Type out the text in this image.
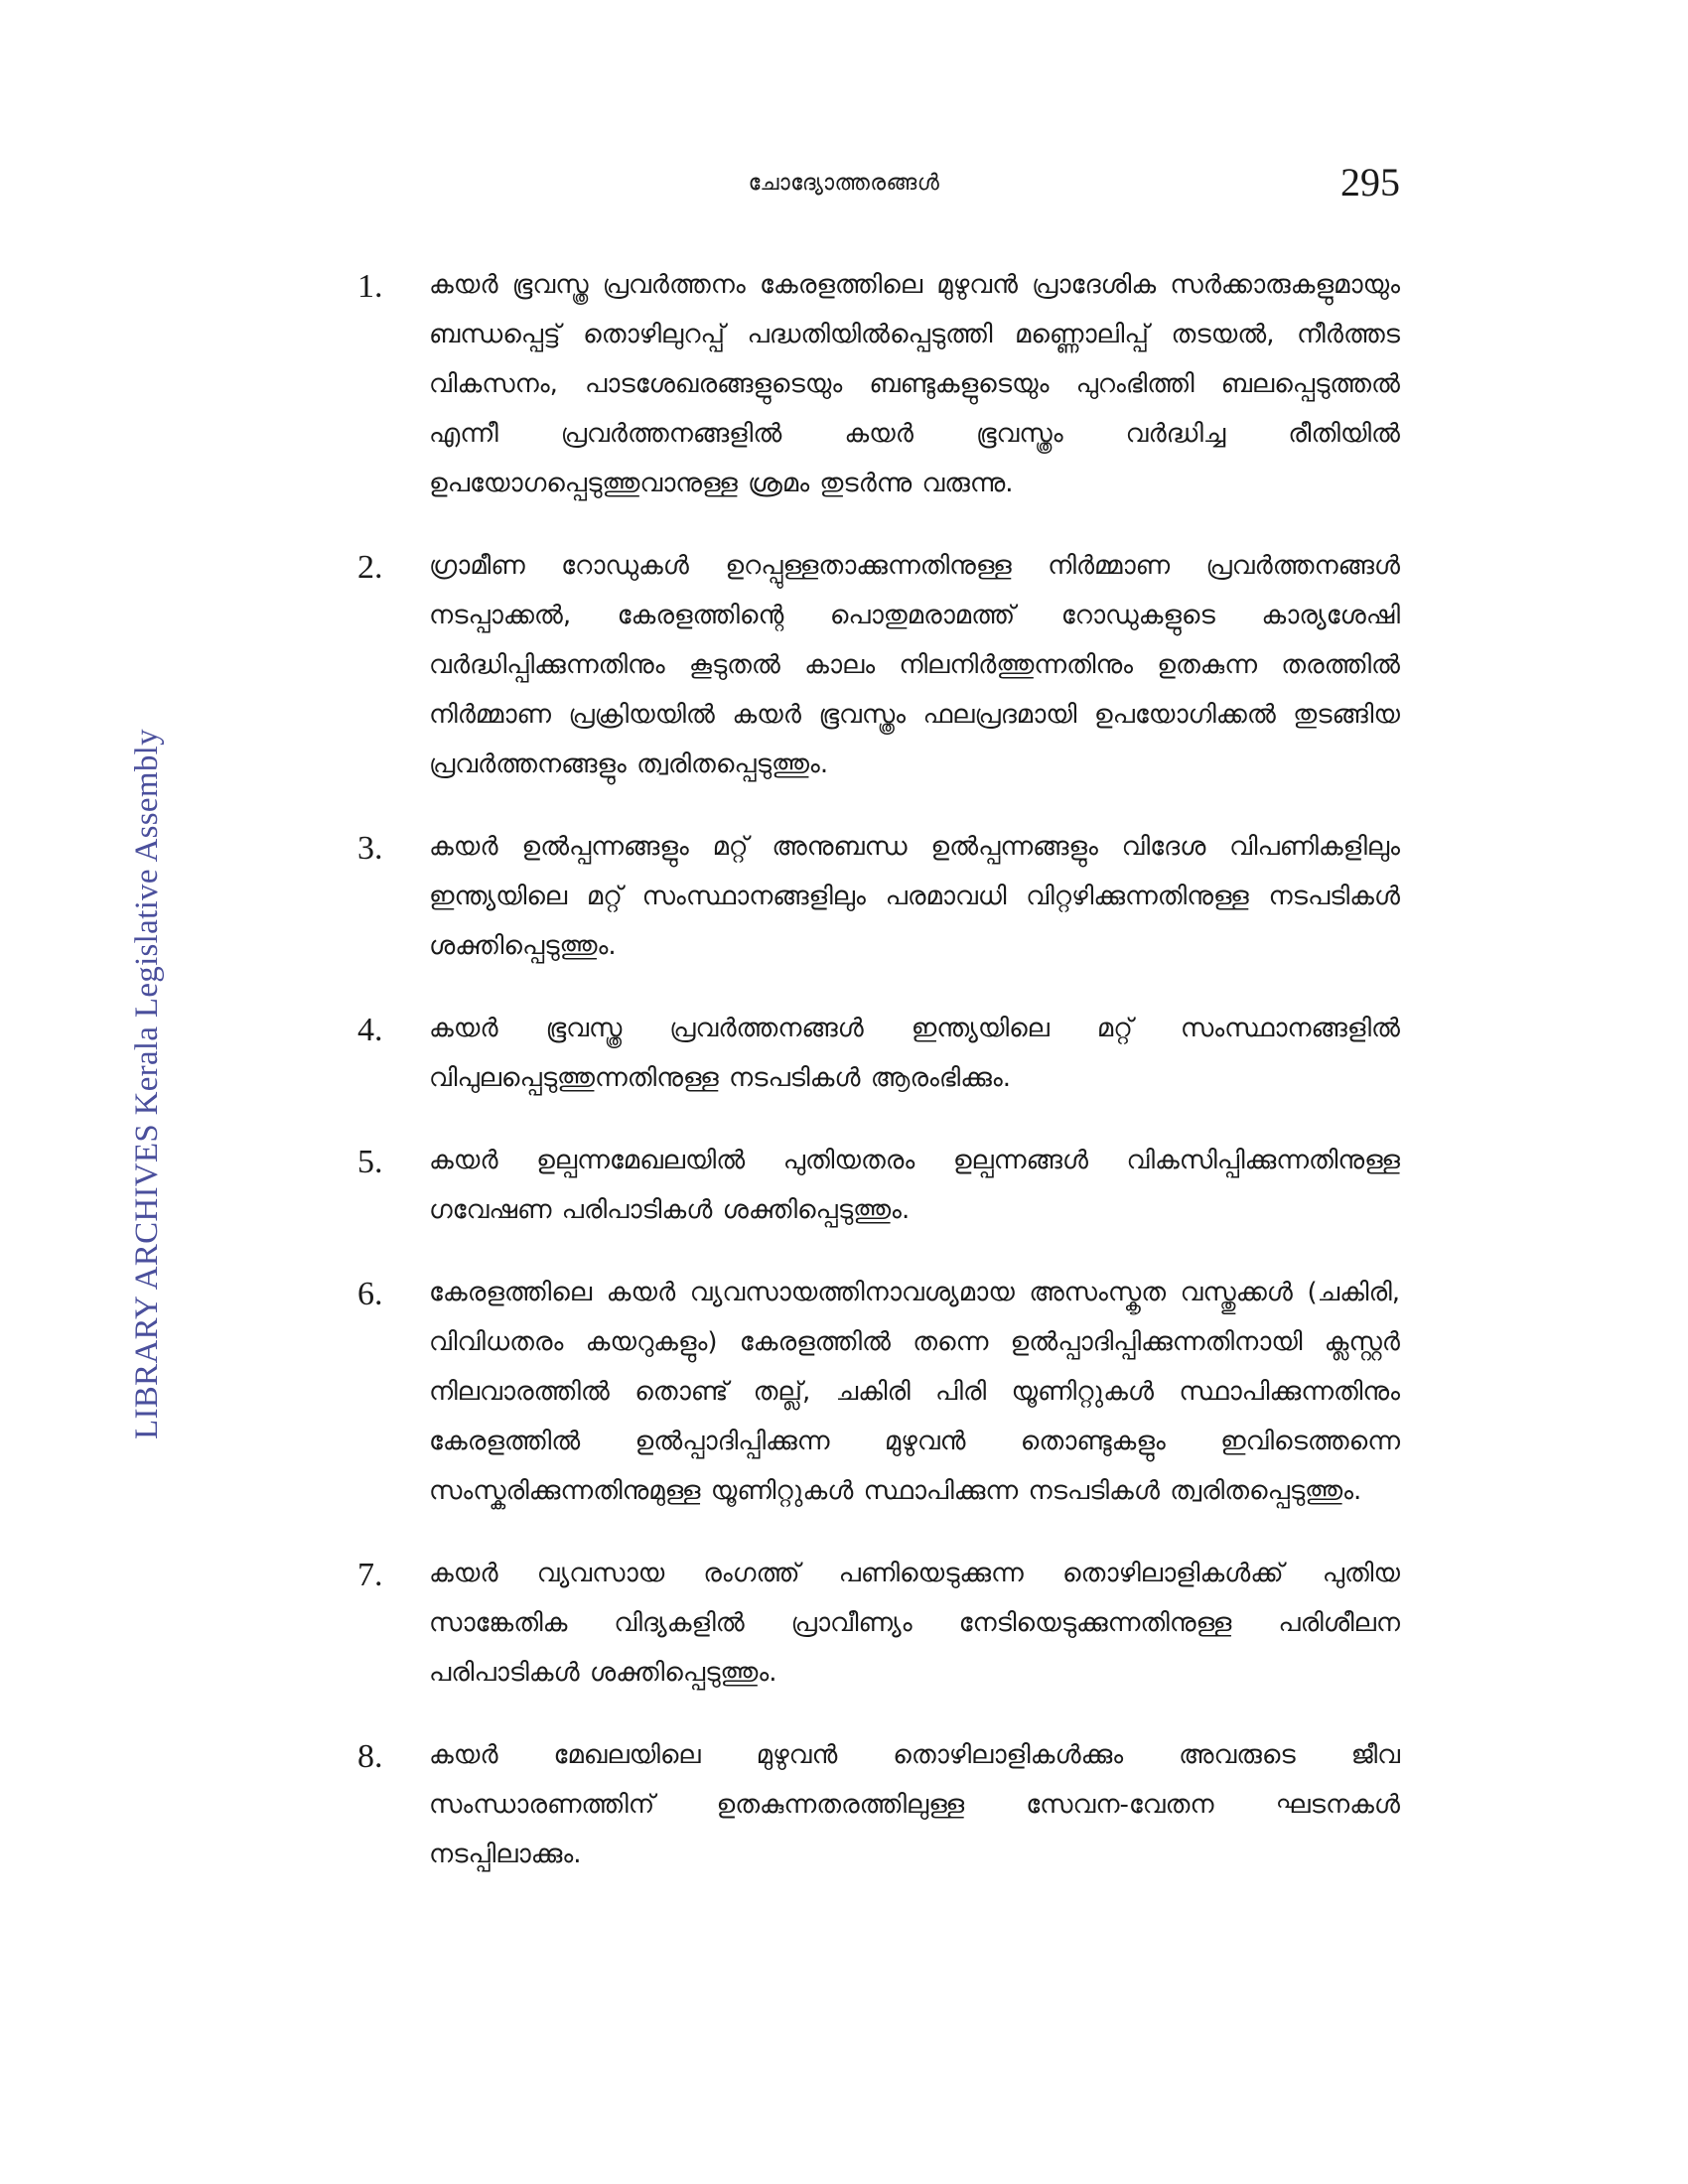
ചോദ്യോത്തരങ്ങൾ	295
LIBRARY ARCHIVES Kerala Legislative Assembly
1. കയർ ഭൂവസ്ത്ര പ്രവർത്തനം കേരളത്തിലെ മുഴുവൻ പ്രാദേശിക സർക്കാരുകളുമായും ബന്ധപ്പെട്ട് തൊഴിലുറപ്പ് പദ്ധതിയിൽപ്പെടുത്തി മണ്ണൊലിപ്പ് തടയൽ, നീർത്തട വികസനം, പാടശേഖരങ്ങളുടെയും ബണ്ടുകളുടെയും പുറംഭിത്തി ബലപ്പെടുത്തൽ എന്നീ പ്രവർത്തനങ്ങളിൽ കയർ ഭൂവസ്ത്രം വർദ്ധിച്ച രീതിയിൽ ഉപയോഗപ്പെടുത്തുവാനുള്ള ശ്രമം തുടർന്നു വരുന്നു.
2. ഗ്രാമീണ റോഡുകൾ ഉറപ്പുള്ളതാക്കുന്നതിനുള്ള നിർമ്മാണ പ്രവർത്തനങ്ങൾ നടപ്പാക്കൽ, കേരളത്തിന്റെ പൊതുമരാമത്ത് റോഡുകളുടെ കാര്യശേഷി വർദ്ധിപ്പിക്കുന്നതിനും കൂടുതൽ കാലം നിലനിർത്തുന്നതിനും ഉതകുന്ന തരത്തിൽ നിർമ്മാണ പ്രക്രിയയിൽ കയർ ഭൂവസ്ത്രം ഫലപ്രദമായി ഉപയോഗിക്കൽ തുടങ്ങിയ പ്രവർത്തനങ്ങളും ത്വരിതപ്പെടുത്തും.
3. കയർ ഉൽപ്പന്നങ്ങളും മറ്റ് അനുബന്ധ ഉൽപ്പന്നങ്ങളും വിദേശ വിപണികളിലും ഇന്ത്യയിലെ മറ്റ് സംസ്ഥാനങ്ങളിലും പരമാവധി വിറ്റഴിക്കുന്നതിനുള്ള നടപടികൾ ശക്തിപ്പെടുത്തും.
4. കയർ ഭൂവസ്ത്ര പ്രവർത്തനങ്ങൾ ഇന്ത്യയിലെ മറ്റ് സംസ്ഥാനങ്ങളിൽ വിപുലപ്പെടുത്തുന്നതിനുള്ള നടപടികൾ ആരംഭിക്കും.
5. കയർ ഉല്പന്നമേഖലയിൽ പുതിയതരം ഉല്പന്നങ്ങൾ വികസിപ്പിക്കുന്നതിനുള്ള ഗവേഷണ പരിപാടികൾ ശക്തിപ്പെടുത്തും.
6. കേരളത്തിലെ കയർ വ്യവസായത്തിനാവശ്യമായ അസംസ്കൃത വസ്തുക്കൾ (ചകിരി, വിവിധതരം കയറുകളും) കേരളത്തിൽ തന്നെ ഉൽപ്പാദിപ്പിക്കുന്നതിനായി ക്ലസ്റ്റർ നിലവാരത്തിൽ തൊണ്ട് തല്ല്, ചകിരി പിരി യൂണിറ്റുകൾ സ്ഥാപിക്കുന്നതിനും കേരളത്തിൽ ഉൽപ്പാദിപ്പിക്കുന്ന മുഴുവൻ തൊണ്ടുകളും ഇവിടെത്തന്നെ സംസ്കരിക്കുന്നതിനുമുള്ള യൂണിറ്റുകൾ സ്ഥാപിക്കുന്ന നടപടികൾ ത്വരിതപ്പെടുത്തും.
7. കയർ വ്യവസായ രംഗത്ത് പണിയെടുക്കുന്ന തൊഴിലാളികൾക്ക് പുതിയ സാങ്കേതിക വിദ്യകളിൽ പ്രാവീണ്യം നേടിയെടുക്കുന്നതിനുള്ള പരിശീലന പരിപാടികൾ ശക്തിപ്പെടുത്തും.
8. കയർ മേഖലയിലെ മുഴുവൻ തൊഴിലാളികൾക്കും അവരുടെ ജീവ സംന്ധാരണത്തിന് ഉതകുന്നതരത്തിലുള്ള സേവന-വേതന ഘടനകൾ നടപ്പിലാക്കും.
